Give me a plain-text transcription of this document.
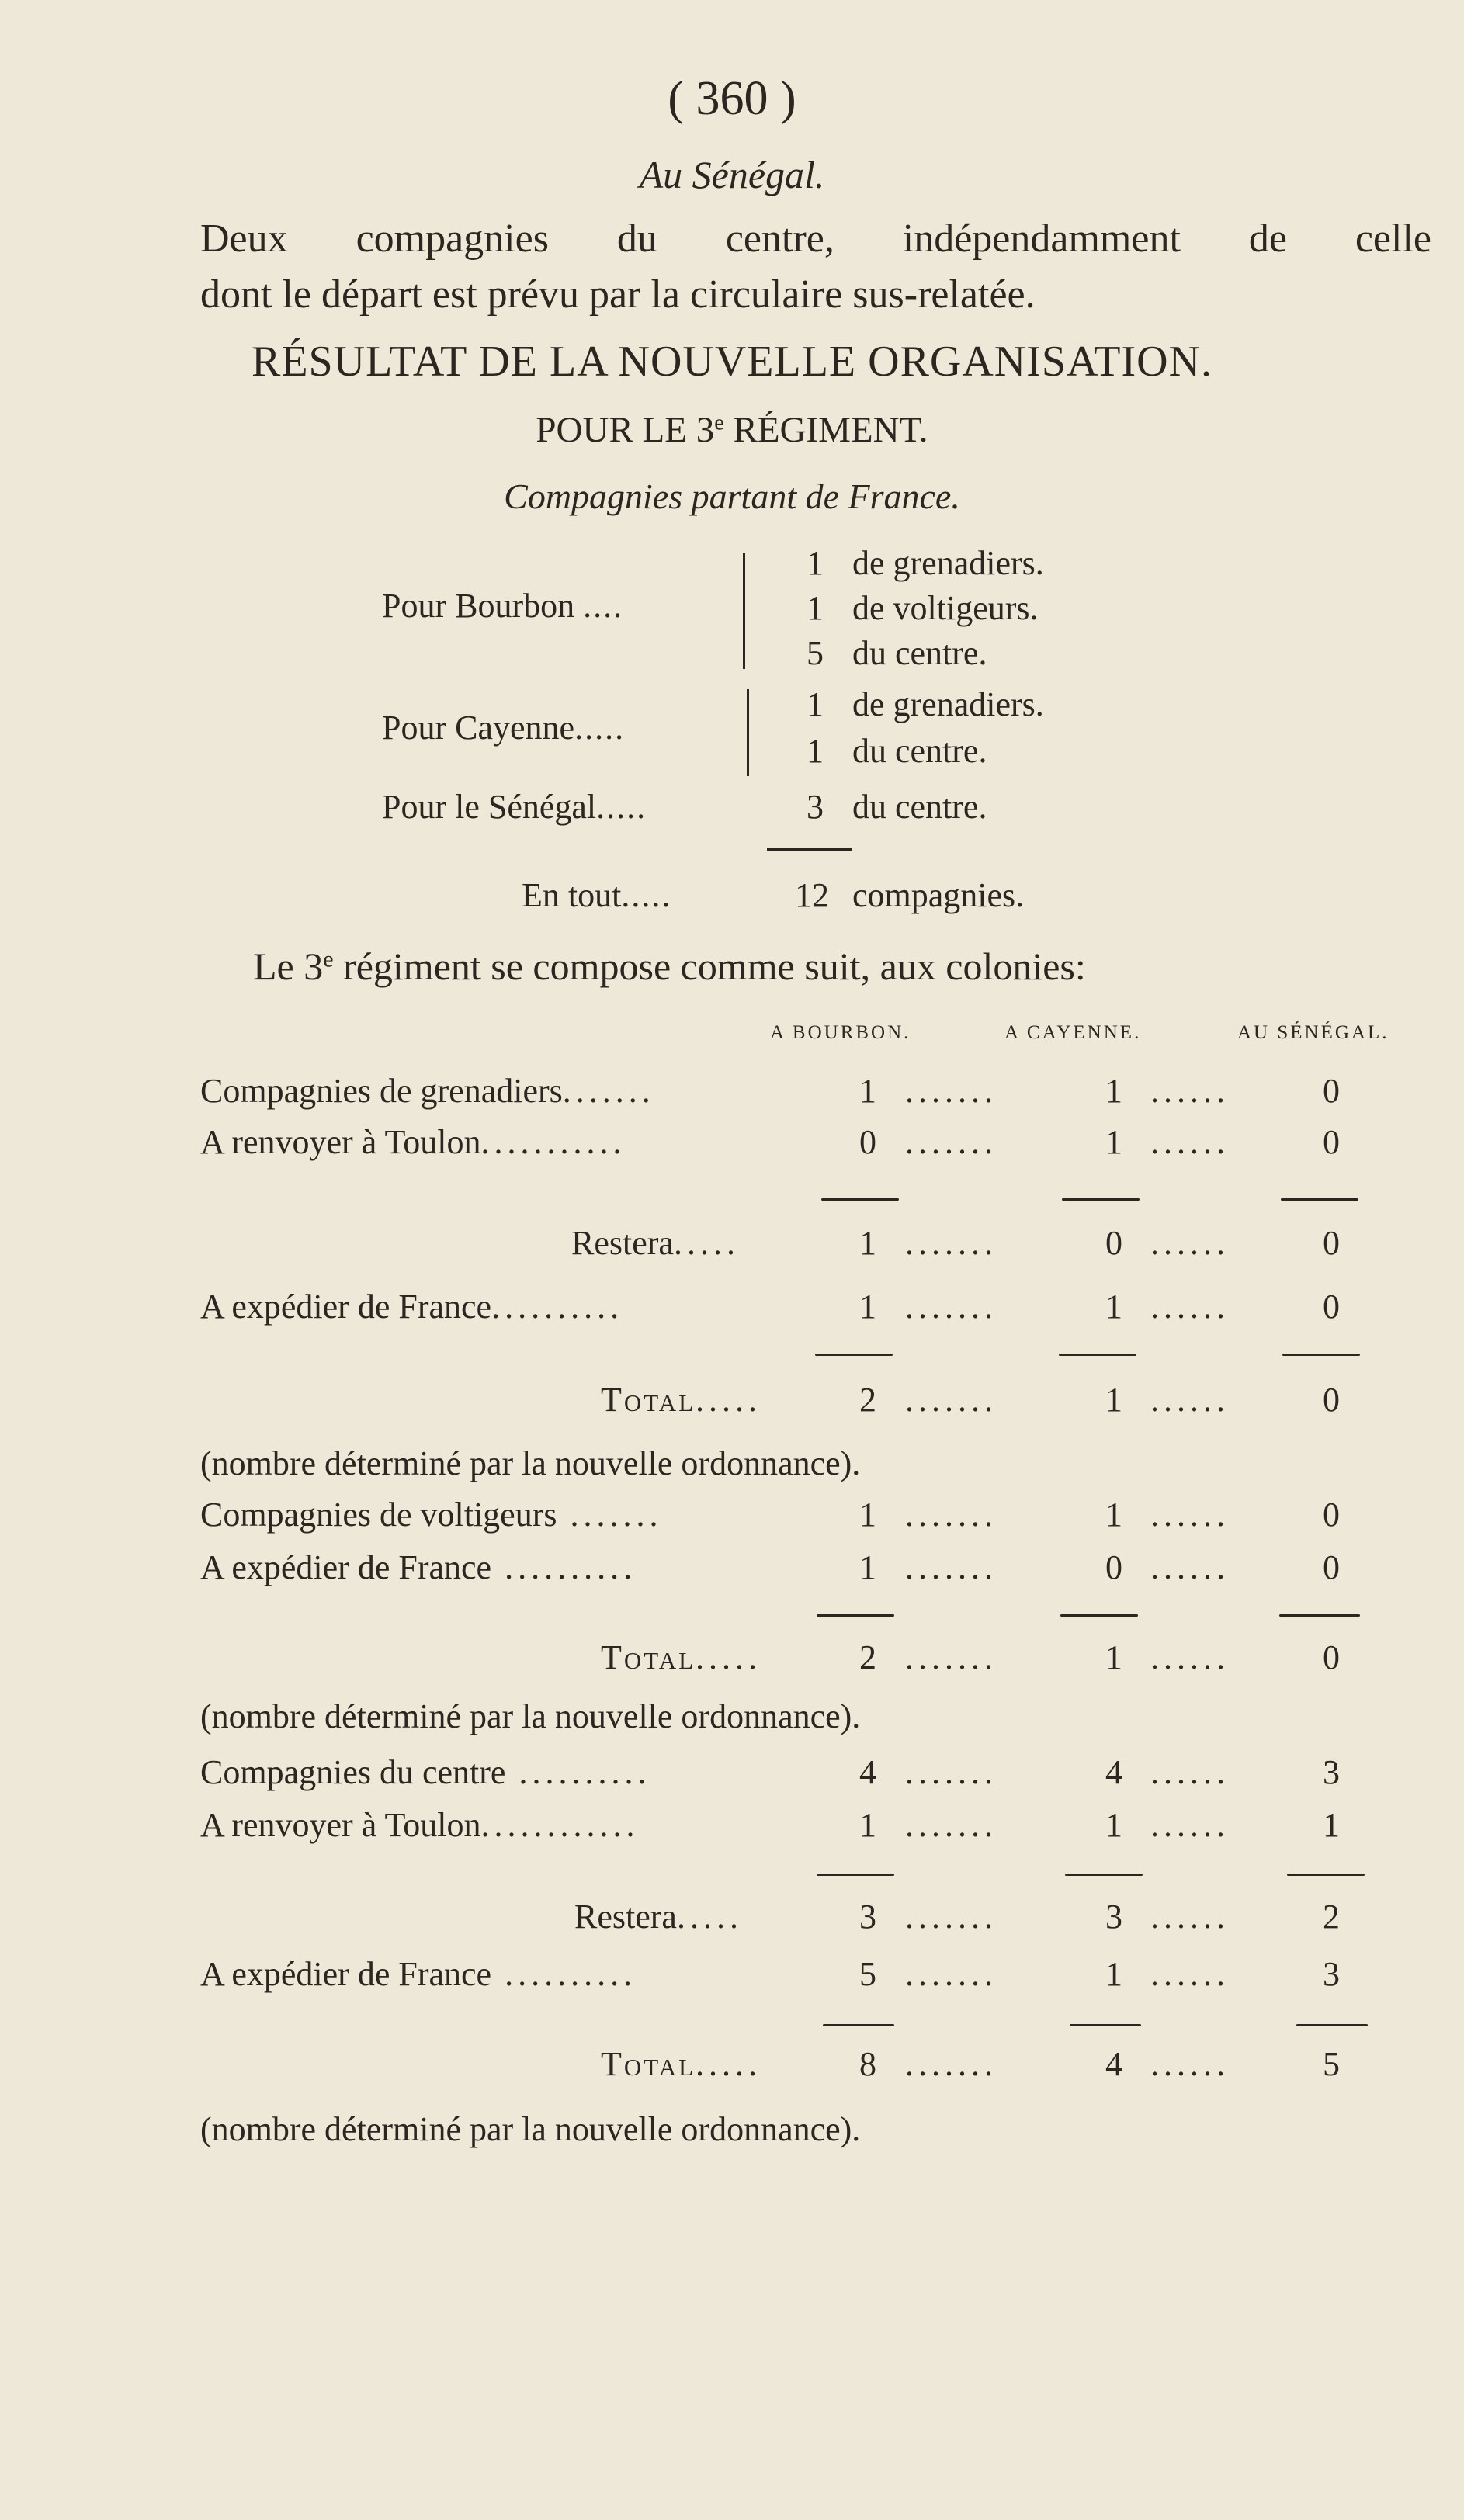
( 360 )
Au Sénégal.
Deux compagnies du centre, indépendamment de celle
dont le départ est prévu par la circulaire sus-relatée.
RÉSULTAT DE LA NOUVELLE ORGANISATION.
POUR LE 3e RÉGIMENT.
Compagnies partant de France.
Pour Bourbon ....
1 de grenadiers.
1 de voltigeurs.
5 du centre.
Pour Cayenne.....
1 de grenadiers.
1 du centre.
Pour le Sénégal.....	3 du centre.
En tout.....	12 compagnies.
Le 3e régiment se compose comme suit, aux colonies:
A BOURBON.	A CAYENNE.	AU SÉNÉGAL.
Compagnies de grenadiers.......	1 .......	1 ......	0
A renvoyer à Toulon...........	0 .......	1 ......	0
Restera.....	1 .......	0 ......	0
A expédier de France..........	1 .......	1 ......	0
Total.....	2 .......	1 ......	0
(nombre déterminé par la nouvelle ordonnance).
Compagnies de voltigeurs .......	1 .......	1 ......	0
A expédier de France ..........	1 .......	0 ......	0
Total.....	2 .......	1 ......	0
(nombre déterminé par la nouvelle ordonnance).
Compagnies du centre ..........	4 .......	4 ......	3
A renvoyer à Toulon............	1 .......	1 ......	1
Restera.....	3 .......	3 ......	2
A expédier de France ..........	5 .......	1 ......	3
Total.....	8 .......	4 ......	5
(nombre déterminé par la nouvelle ordonnance).
